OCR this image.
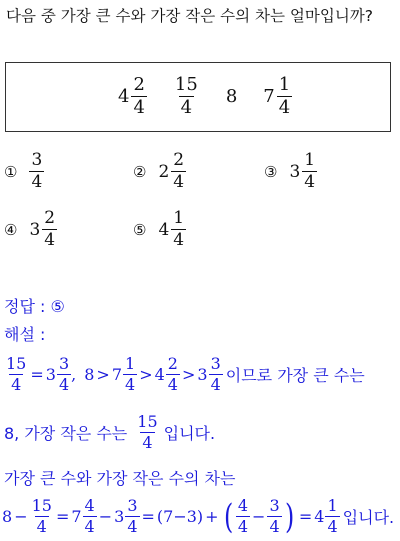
다음 중 가장 큰 수와 가장 작은 수의 차는 얼마입니까?
$4 \frac{2}{4} \frac{15}{4} 8$ $7 \frac{1}{4}$
① $\frac{3}{4}$	② $2 \frac{2}{4}$	③ $3 \frac{1}{4}$
④ $3 \frac{2}{4}$	⑤ $4 \frac{1}{4}$
정답 : ⑤
해설 :
$\frac{15}{4} = 3 \frac{3}{4}$ , $8 > 7 \frac{1}{4} > 4 \frac{2}{4} > 3 \frac{3}{4}$ 이므로 가장 큰 수는
8, 가장 작은 수는 $\frac{15}{4}$ 입니다.
가장 큰 수와 가장 작은 수의 차는
$8 - \frac{15}{4} = 7 \frac{4}{4} - 3 \frac{3}{4} = (7-3)$ + ( $\frac{4}{4} - \frac{3}{4}$ ) = $4 \frac{1}{4}$ 입니다.
